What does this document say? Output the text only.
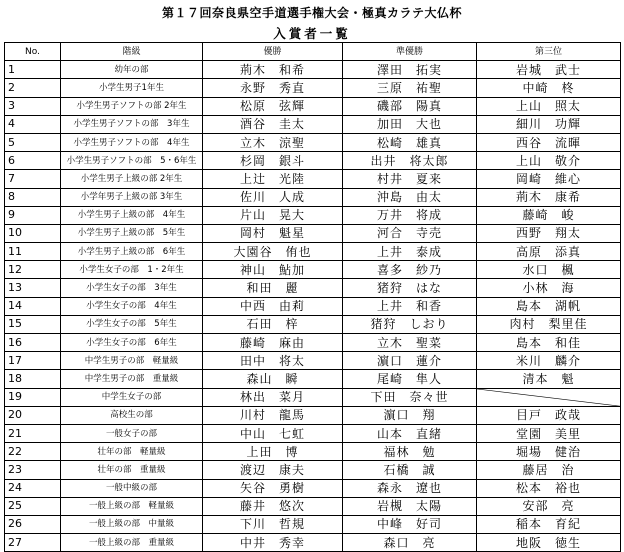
第１７回奈良県空手道選手権大会・極真カラテ大仏杯
入賞者一覧
No.	階級	優勝	準優勝	第三位
1	幼年の部	荊木　和希	澤田　拓実	岩城　武士
2	小学生男子1年生	永野　秀直	三原　祐聖	中崎　柊
3	小学生男子ソフトの部 2年生	松原　弦輝	磯部　陽真	上山　照太
4	小学生男子ソフトの部　3年生	酒谷　圭太	加田　大也	細川　功輝
5	小学生男子ソフトの部　4年生	立木　涼聖	松崎　雄真	西谷　流暉
6	小学生男子ソフトの部　5・6年生	杉岡　銀斗	出井　将太郎	上山　敬介
7	小学生男子上級の部 2年生	上辻　光陸	村井　夏来	岡崎　維心
8	小学年男子上級の部 3年生	佐川　人成	沖島　由太	荊木　康希
9	小学生男子上級の部　4年生	片山　晃大	万井　将成	藤崎　峻
10	小学生男子上級の部　5年生	岡村　魁星	河合　寺売	西野　翔太
11	小学生男子上級の部　6年生	大園谷　侑也	上井　泰成	高原　添真
12	小学生女子の部　1・2年生	神山　鮎加	喜多　紗乃	水口　楓
13	小学生女子の部　3年生	和田　麗	猪狩　はな	小林　海
14	小学生女子の部　4年生	中西　由莉	上井　和香	島本　湖帆
15	小学生女子の部　5年生	石田　梓	猪狩　しおり	肉村　梨里佳
16	小学生女子の部　6年生	藤崎　麻由	立木　聖菜	島本　和佳
17	中学生男子の部　軽量級	田中　将太	濵口　蓮介	米川　麟介
18	中学生男子の部　重量級	森山　瞬	尾崎　隼人	清本　魁
19	中学生女子の部	林出　菜月	下田　奈々世	

20	高校生の部	川村　龍馬	濵口　翔	目戸　政哉
21	一般女子の部	中山　七虹	山本　直緒	堂園　美里
22	壮年の部　軽量級	上田　博	福林　勉	堀場　健治
23	壮年の部　重量級	渡辺　康夫	石橋　誠	藤居　治
24	一般中級の部	矢谷　勇樹	森永　遼也	松本　裕也
25	一般上級の部　軽量級	藤井　悠次	岩槻　太陽	安部　亮
26	一般上級の部　中量級	下川　哲規	中峰　好司	稲本　育紀
27	一般上級の部　重量級	中井　秀幸	森口　亮	地阪　徳生
